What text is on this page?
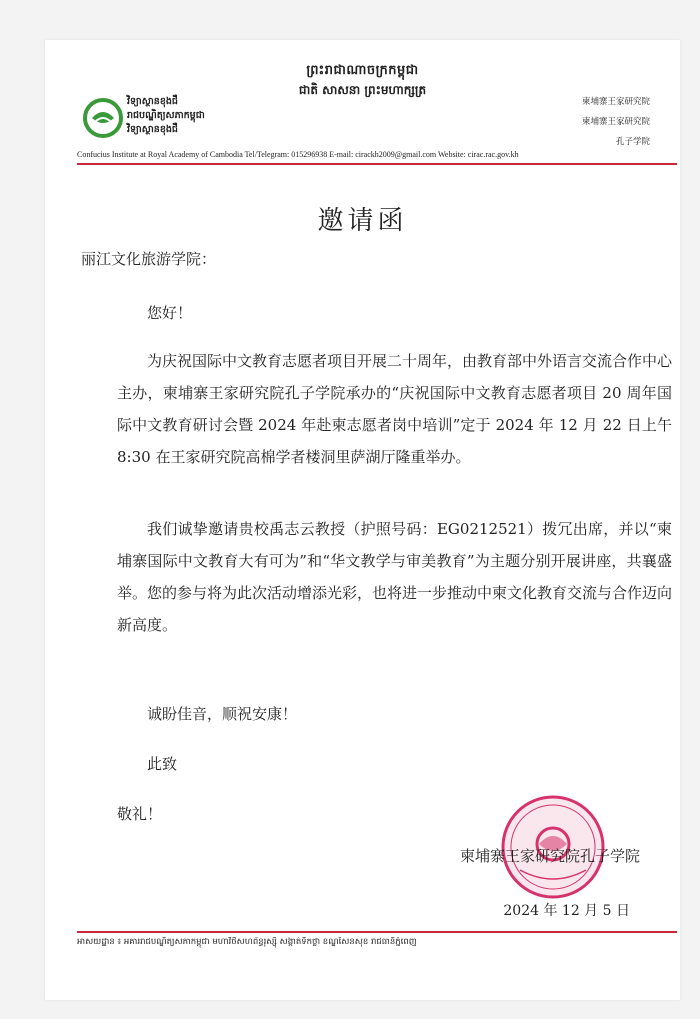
ព្រះរាជាណាចក្រកម្ពុជា
ជាតិ សាសនា ព្រះមហាក្សត្រ
វិទ្យាស្ថានខុងជឺ
រាជបណ្ឌិត្យសភាកម្ពុជា
វិទ្យាស្ថានខុងជឺ
柬埔寨王家研究院
柬埔寨王家研究院
孔子学院
Confucius Institute at Royal Academy of Cambodia Tel/Telegram: 015296938 E-mail: cirackh2009@gmail.com Website: cirac.rac.gov.kh
邀请函
丽江文化旅游学院：
您好！
为庆祝国际中文教育志愿者项目开展二十周年，由教育部中外语言交流合作中心主办，柬埔寨王家研究院孔子学院承办的“庆祝国际中文教育志愿者项目 20 周年国际中文教育研讨会暨 2024 年赴柬志愿者岗中培训”定于 2024 年 12 月 22 日上午 8:30 在王家研究院高棉学者楼洞里萨湖厅隆重举办。
我们诚挚邀请贵校禹志云教授（护照号码：EG0212521）拨冗出席，并以“柬埔寨国际中文教育大有可为”和“华文教学与审美教育”为主题分别开展讲座，共襄盛举。您的参与将为此次活动增添光彩，也将进一步推动中柬文化教育交流与合作迈向新高度。
诚盼佳音，顺祝安康！
此致
敬礼！
柬埔寨王家研究院孔子学院
2024 年 12 月 5 日
អាសយដ្ឋាន ៖ អគាររាជបណ្ឌិត្យសភាកម្ពុជា មហាវិថីសហព័ន្ធរុស្ស៊ី សង្កាត់ទឹកថ្លា ខណ្ឌសែនសុខ រាជធានីភ្នំពេញ
